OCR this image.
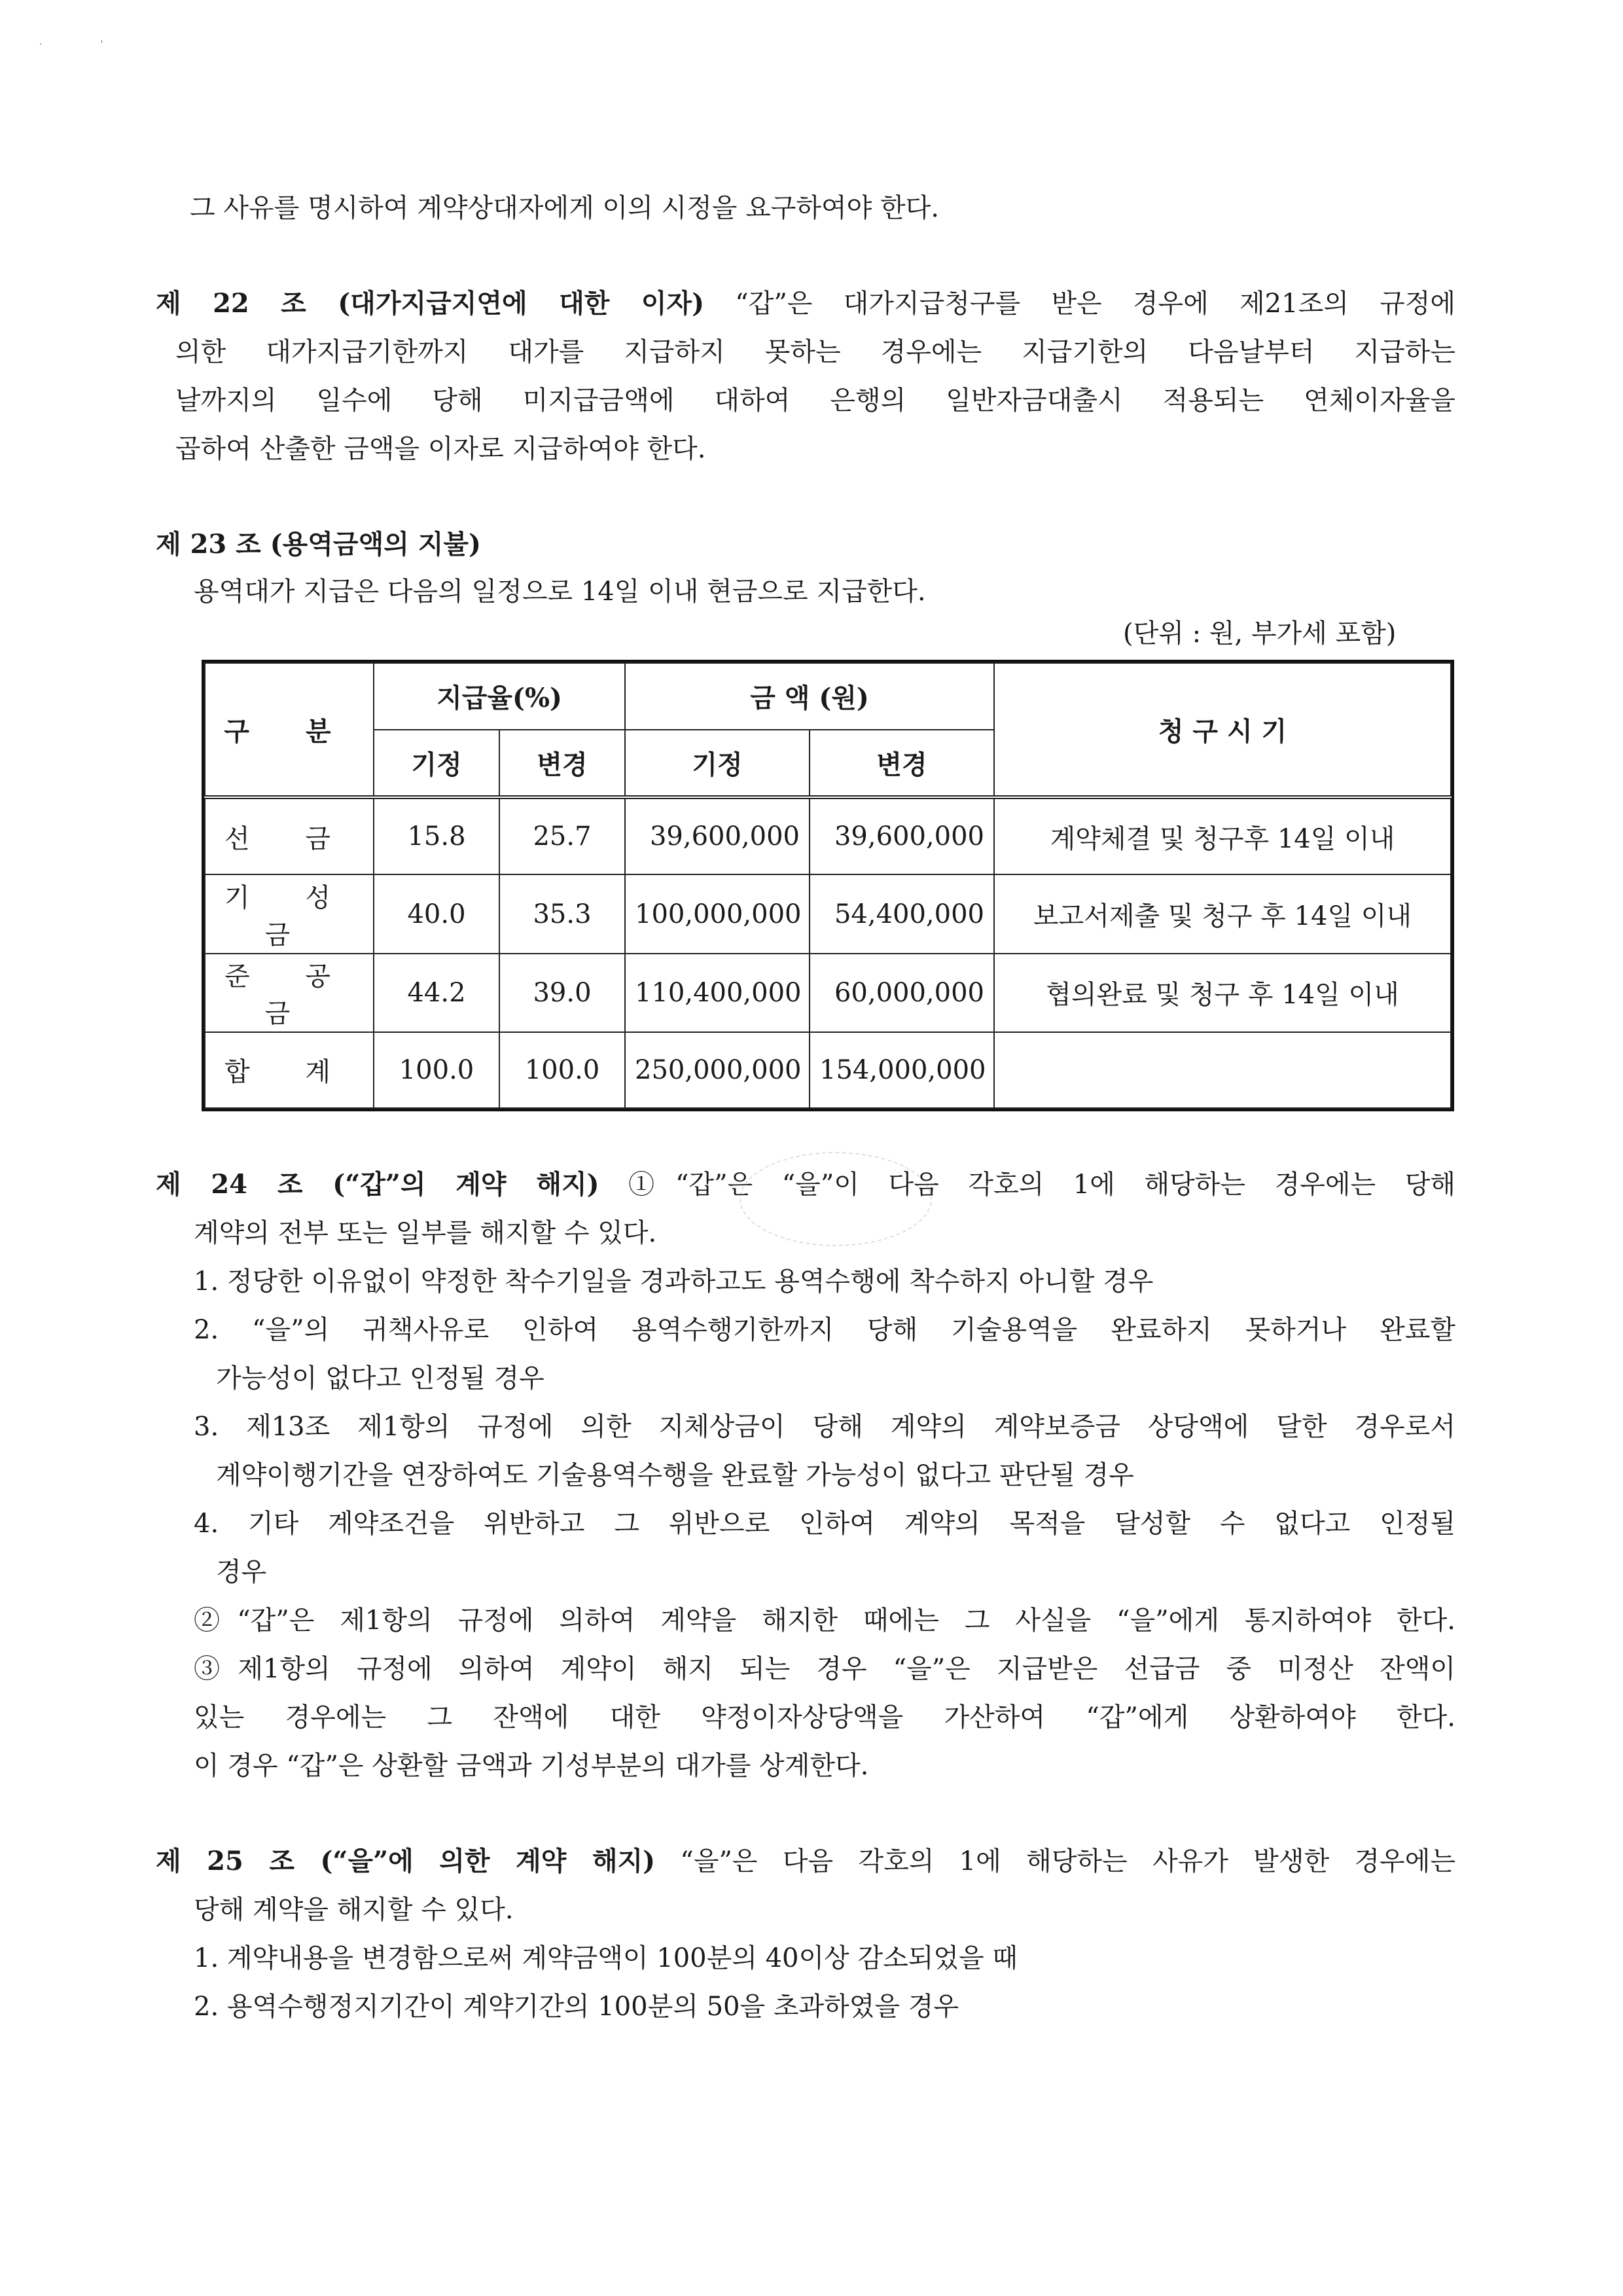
·                    '
그 사유를 명시하여 계약상대자에게 이의 시정을 요구하여야 한다.
제 22 조 (대가지급지연에 대한 이자) “갑”은 대가지급청구를 받은 경우에 제21조의 규정에
의한 대가지급기한까지 대가를 지급하지 못하는 경우에는 지급기한의 다음날부터 지급하는
날까지의 일수에 당해 미지급금액에 대하여 은행의 일반자금대출시 적용되는 연체이자율을
곱하여 산출한 금액을 이자로 지급하여야 한다.
제 23 조 (용역금액의 지불)
용역대가 지급은 다음의 일정으로 14일 이내 현금으로 지급한다.
(단위 : 원, 부가세 포함)
구 분	지급율(%)		금 액 (원)		청 구 시 기
	기정	변경	기정	변경	
선 금	15.8	25.7	39,600,000	39,600,000	계약체결 및 청구후 14일 이내
기 성 금	40.0	35.3	100,000,000	54,400,000	보고서제출 및 청구 후 14일 이내
준 공 금	44.2	39.0	110,400,000	60,000,000	협의완료 및 청구 후 14일 이내
합 계	100.0	100.0	250,000,000	154,000,000	
제 24 조 (“갑”의 계약 해지) ①“갑”은 “을”이 다음 각호의 1에 해당하는 경우에는 당해
계약의 전부 또는 일부를 해지할 수 있다.
1. 정당한 이유없이 약정한 착수기일을 경과하고도 용역수행에 착수하지 아니할 경우
2. “을”의 귀책사유로 인하여 용역수행기한까지 당해 기술용역을 완료하지 못하거나 완료할
가능성이 없다고 인정될 경우
3. 제13조 제1항의 규정에 의한 지체상금이 당해 계약의 계약보증금 상당액에 달한 경우로서
계약이행기간을 연장하여도 기술용역수행을 완료할 가능성이 없다고 판단될 경우
4. 기타 계약조건을 위반하고 그 위반으로 인하여 계약의 목적을 달성할 수 없다고 인정될
경우
②“갑”은 제1항의 규정에 의하여 계약을 해지한 때에는 그 사실을 “을”에게 통지하여야 한다.
③제1항의 규정에 의하여 계약이 해지 되는 경우 “을”은 지급받은 선급금 중 미정산 잔액이
있는 경우에는 그 잔액에 대한 약정이자상당액을 가산하여 “갑”에게 상환하여야 한다.
이 경우 “갑”은 상환할 금액과 기성부분의 대가를 상계한다.
제 25 조 (“을”에 의한 계약 해지) “을”은 다음 각호의 1에 해당하는 사유가 발생한 경우에는
당해 계약을 해지할 수 있다.
1. 계약내용을 변경함으로써 계약금액이 100분의 40이상 감소되었을 때
2. 용역수행정지기간이 계약기간의 100분의 50을 초과하였을 경우
